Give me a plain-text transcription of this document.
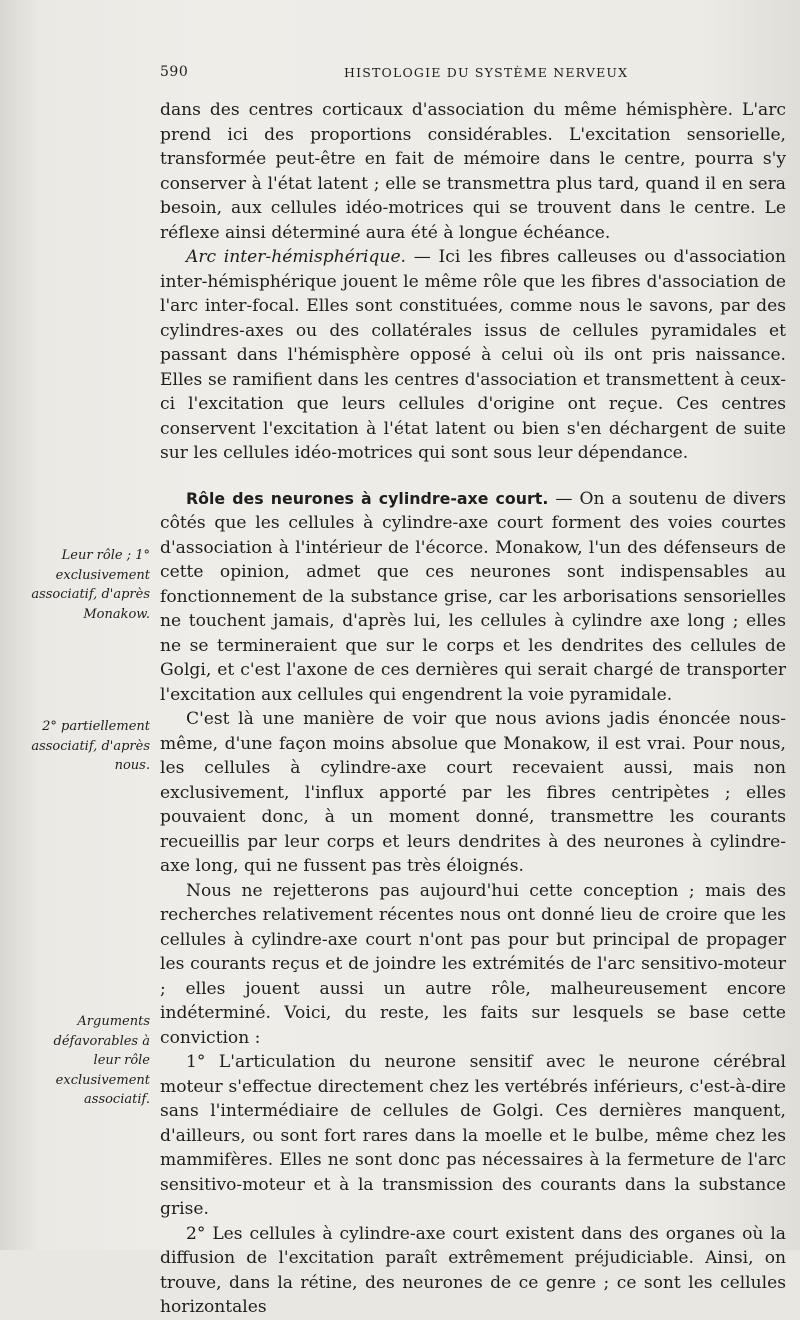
590	HISTOLOGIE DU SYSTÈME NERVEUX
Leur rôle ; 1° exclusivement associatif, d'après Monakow.
2° partiellement associatif, d'après nous.
Arguments défavorables à leur rôle exclusivement associatif.

dans des centres corticaux d'association du même hémisphère. L'arc prend ici des proportions considérables. L'excitation sensorielle, transformée peut-être en fait de mémoire dans le centre, pourra s'y conserver à l'état latent ; elle se transmettra plus tard, quand il en sera besoin, aux cellules idéo-motrices qui se trouvent dans le centre. Le réflexe ainsi déterminé aura été à longue échéance.

Arc inter-hémisphérique. — Ici les fibres calleuses ou d'association inter-hémisphérique jouent le même rôle que les fibres d'association de l'arc inter-focal. Elles sont constituées, comme nous le savons, par des cylindres-axes ou des collatérales issus de cellules pyramidales et passant dans l'hémisphère opposé à celui où ils ont pris naissance. Elles se ramifient dans les centres d'association et transmettent à ceux-ci l'excitation que leurs cellules d'origine ont reçue. Ces centres conservent l'excitation à l'état latent ou bien s'en déchargent de suite sur les cellules idéo-motrices qui sont sous leur dépendance.

Rôle des neurones à cylindre-axe court. — On a soutenu de divers côtés que les cellules à cylindre-axe court forment des voies courtes d'association à l'intérieur de l'écorce. Monakow, l'un des défenseurs de cette opinion, admet que ces neurones sont indispensables au fonctionnement de la substance grise, car les arborisations sensorielles ne touchent jamais, d'après lui, les cellules à cylindre axe long ; elles ne se termineraient que sur le corps et les dendrites des cellules de Golgi, et c'est l'axone de ces dernières qui serait chargé de transporter l'excitation aux cellules qui engendrent la voie pyramidale.

C'est là une manière de voir que nous avions jadis énoncée nous-même, d'une façon moins absolue que Monakow, il est vrai. Pour nous, les cellules à cylindre-axe court recevaient aussi, mais non exclusivement, l'influx apporté par les fibres centripètes ; elles pouvaient donc, à un moment donné, transmettre les courants recueillis par leur corps et leurs dendrites à des neurones à cylindre-axe long, qui ne fussent pas très éloignés.

Nous ne rejetterons pas aujourd'hui cette conception ; mais des recherches relativement récentes nous ont donné lieu de croire que les cellules à cylindre-axe court n'ont pas pour but principal de propager les courants reçus et de joindre les extrémités de l'arc sensitivo-moteur ; elles jouent aussi un autre rôle, malheureusement encore indéterminé. Voici, du reste, les faits sur lesquels se base cette conviction :

1° L'articulation du neurone sensitif avec le neurone cérébral moteur s'effectue directement chez les vertébrés inférieurs, c'est-à-dire sans l'intermédiaire de cellules de Golgi. Ces dernières manquent, d'ailleurs, ou sont fort rares dans la moelle et le bulbe, même chez les mammifères. Elles ne sont donc pas nécessaires à la fermeture de l'arc sensitivo-moteur et à la transmission des courants dans la substance grise.

2° Les cellules à cylindre-axe court existent dans des organes où la diffusion de l'excitation paraît extrêmement préjudiciable. Ainsi, on trouve, dans la rétine, des neurones de ce genre ; ce sont les cellules horizontales
